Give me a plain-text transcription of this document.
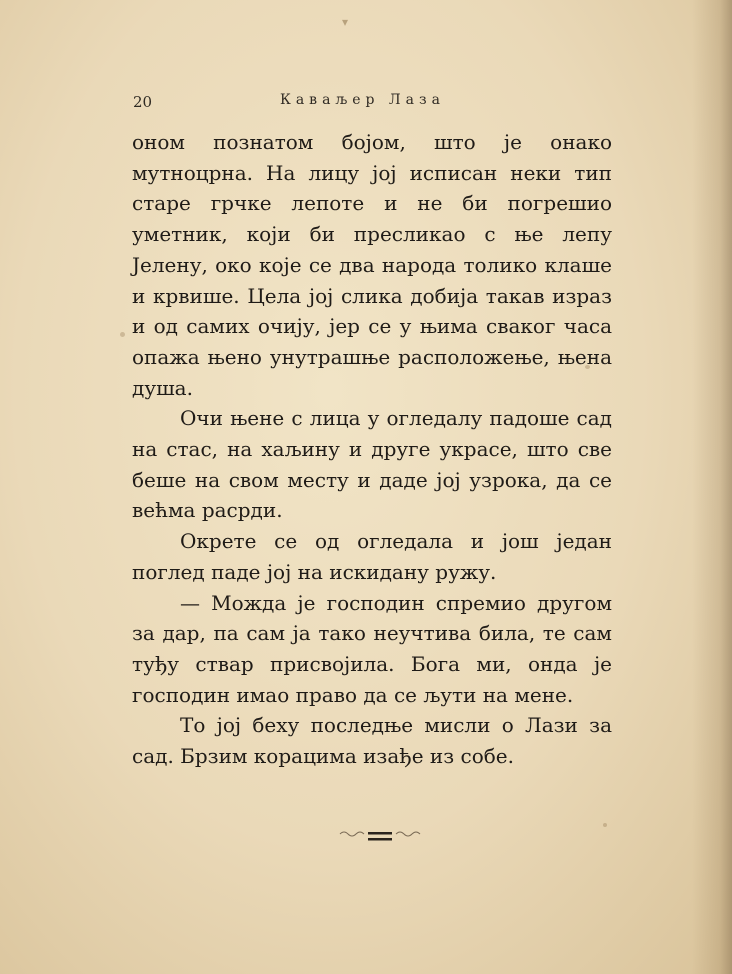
▾
20	Каваљер Лаза

оном познатом бојом, што је онако мутноцрна. На лицу јој исписан неки тип старе грчке лепоте и не би погрешио уметник, који би пресликао с ње лепу Јелену, око које се два народа толико клаше и крвише. Цела јој слика добија такав израз и од самих очију, јер се у њима сваког часа опажа њено унутрашње расположење, њена душа.

Очи њене с лица у огледалу падоше сад на стас, на хаљину и друге украсе, што све беше на свом месту и даде јој узрока, да се већма расрди.

Окрете се од огледала и још један поглед паде јој на искидану ружу.

— Можда је господин спремио другом за дар, па сам ја тако неучтива била, те сам туђу ствар присвојила. Бога ми, онда је господин имао право да се љути на мене.

То јој беху последње мисли о Лази за сад. Брзим корацима изађе из собе.
